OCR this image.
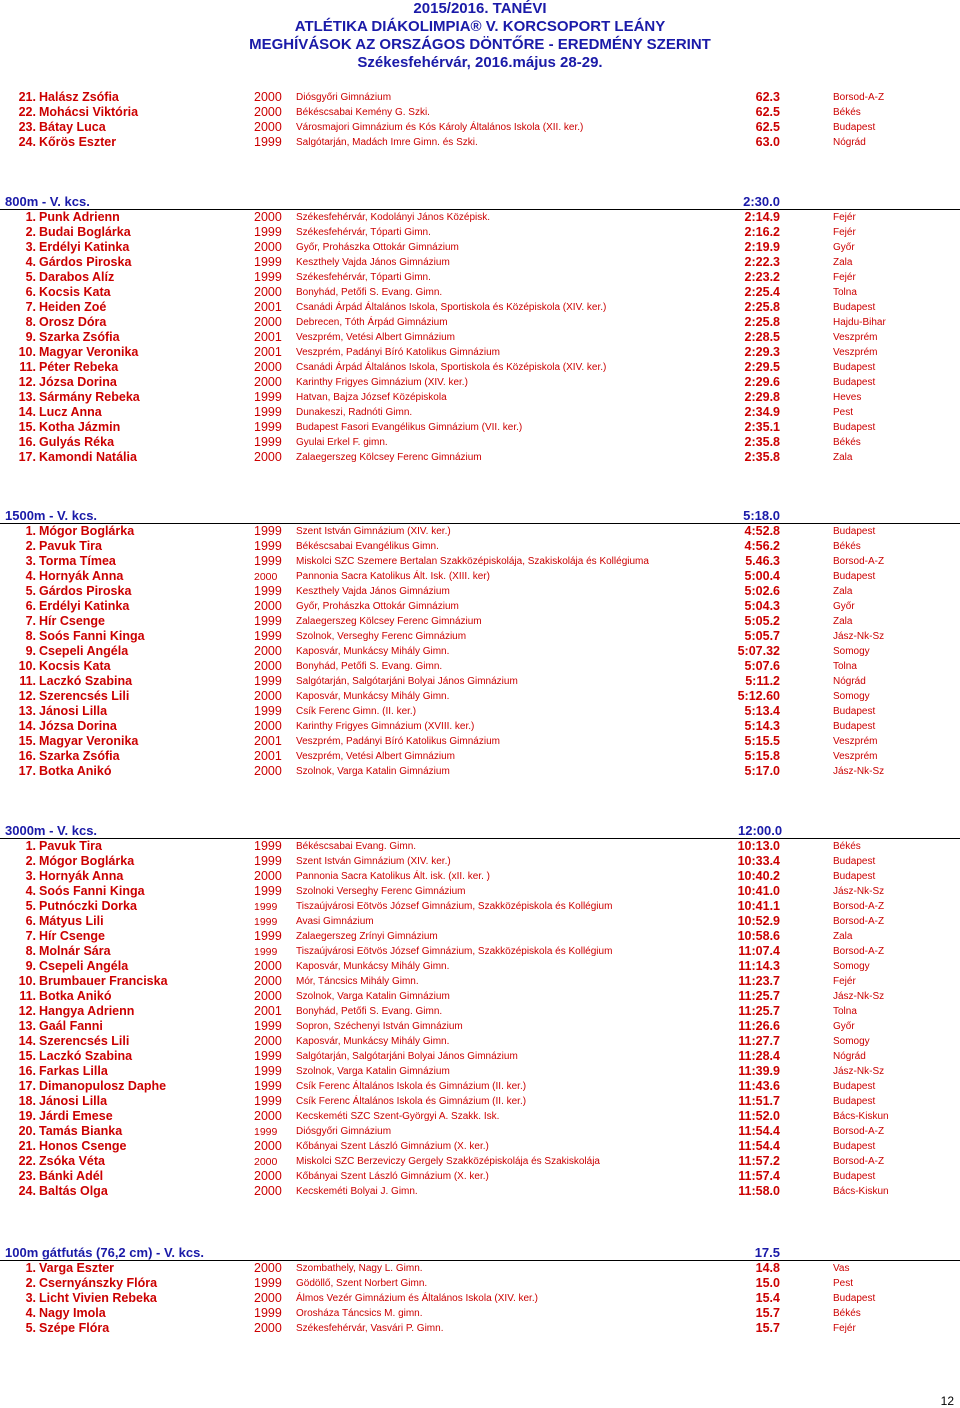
2015/2016. TANÉVI
ATLÉTIKA DIÁKOLIMPIA® V. KORCSOPORT LEÁNY
MEGHÍVÁSOK AZ ORSZÁGOS DÖNTŐRE - EREDMÉNY SZERINT
Székesfehérvár, 2016.május 28-29.
21. Halász Zsófia	2000 Diósgyőri Gimnázium	62.3	Borsod-A-Z
22. Mohácsi Viktória	2000 Békéscsabai Kemény G. Szki.	62.5	Békés
23. Bátay Luca	2000 Városmajori Gimnázium és Kós Károly Általános Iskola (XII. ker.)	62.5	Budapest
24. Kőrös Eszter	1999 Salgótarján, Madách Imre Gimn. és Szki.	63.0	Nógrád
800m - V. kcs.	2:30.0
1. Punk Adrienn	2000 Székesfehérvár, Kodolányi János Középisk.	2:14.9	Fejér
2. Budai Boglárka	1999 Székesfehérvár, Tóparti Gimn.	2:16.2	Fejér
3. Erdélyi Katinka	2000 Győr, Prohászka Ottokár Gimnázium	2:19.9	Győr
4. Gárdos Piroska	1999 Keszthely Vajda János Gimnázium	2:22.3	Zala
5. Darabos Alíz	1999 Székesfehérvár, Tóparti Gimn.	2:23.2	Fejér
6. Kocsis Kata	2000 Bonyhád, Petőfi S. Evang. Gimn.	2:25.4	Tolna
7. Heiden Zoé	2001 Csanádi Árpád Általános Iskola, Sportiskola és Középiskola (XIV. ker.)	2:25.8	Budapest
8. Orosz Dóra	2000 Debrecen, Tóth Árpád Gimnázium	2:25.8	Hajdu-Bihar
9. Szarka Zsófia	2001 Veszprém, Vetési Albert Gimnázium	2:28.5	Veszprém
10. Magyar Veronika	2001 Veszprém, Padányi Bíró Katolikus Gimnázium	2:29.3	Veszprém
11. Péter Rebeka	2000 Csanádi Árpád Általános Iskola, Sportiskola és Középiskola (XIV. ker.)	2:29.5	Budapest
12. Józsa Dorina	2000 Karinthy Frigyes Gimnázium (XIV. ker.)	2:29.6	Budapest
13. Sármány Rebeka	1999 Hatvan, Bajza József Középiskola	2:29.8	Heves
14. Lucz Anna	1999 Dunakeszi, Radnóti Gimn.	2:34.9	Pest
15. Kotha Jázmin	1999 Budapest Fasori Evangélikus Gimnázium (VII. ker.)	2:35.1	Budapest
16. Gulyás Réka	1999 Gyulai Erkel F. gimn.	2:35.8	Békés
17. Kamondi Natália	2000 Zalaegerszeg Kölcsey Ferenc Gimnázium	2:35.8	Zala
1500m - V. kcs.	5:18.0
1. Mógor Boglárka	1999 Szent István Gimnázium (XIV. ker.)	4:52.8	Budapest
2. Pavuk Tira	1999 Békéscsabai Evangélikus Gimn.	4:56.2	Békés
3. Torma Tímea	1999 Miskolci SZC Szemere Bertalan Szakközépiskolája, Szakiskolája és Kollégiuma	5.46.3	Borsod-A-Z
4. Hornyák Anna	2000 Pannonia Sacra Katolikus Ált. Isk. (XIII. ker)	5:00.4	Budapest
5. Gárdos Piroska	1999 Keszthely Vajda János Gimnázium	5:02.6	Zala
6. Erdélyi Katinka	2000 Győr, Prohászka Ottokár Gimnázium	5:04.3	Győr
7. Hír Csenge	1999 Zalaegerszeg Kölcsey Ferenc Gimnázium	5:05.2	Zala
8. Soós Fanni Kinga	1999 Szolnok, Verseghy Ferenc Gimnázium	5:05.7	Jász-Nk-Sz
9. Csepeli Angéla	2000 Kaposvár, Munkácsy Mihály Gimn.	5:07.32	Somogy
10. Kocsis Kata	2000 Bonyhád, Petőfi S. Evang. Gimn.	5:07.6	Tolna
11. Laczkó Szabina	1999 Salgótarján, Salgótarjáni Bolyai János Gimnázium	5:11.2	Nógrád
12. Szerencsés Lili	2000 Kaposvár, Munkácsy Mihály Gimn.	5:12.60	Somogy
13. Jánosi Lilla	1999 Csík Ferenc Gimn. (II. ker.)	5:13.4	Budapest
14. Józsa Dorina	2000 Karinthy Frigyes Gimnázium (XVIII. ker.)	5:14.3	Budapest
15. Magyar Veronika	2001 Veszprém, Padányi Bíró Katolikus Gimnázium	5:15.5	Veszprém
16. Szarka Zsófia	2001 Veszprém, Vetési Albert Gimnázium	5:15.8	Veszprém
17. Botka Anikó	2000 Szolnok, Varga Katalin Gimnázium	5:17.0	Jász-Nk-Sz
3000m - V. kcs.	12:00.0
1. Pavuk Tira	1999 Békéscsabai Evang. Gimn.	10:13.0	Békés
2. Mógor Boglárka	1999 Szent István Gimnázium (XIV. ker.)	10:33.4	Budapest
3. Hornyák Anna	2000 Pannonia Sacra Katolikus Ált. isk. (xII. ker. )	10:40.2	Budapest
4. Soós Fanni Kinga	1999 Szolnoki Verseghy Ferenc Gimnázium	10:41.0	Jász-Nk-Sz
5. Putnóczki Dorka	1999 Tiszaújvárosi Eötvös József Gimnázium, Szakközépiskola és Kollégium	10:41.1	Borsod-A-Z
6. Mátyus Lili	1999 Avasi Gimnázium	10:52.9	Borsod-A-Z
7. Hír Csenge	1999 Zalaegerszeg Zrínyi Gimnázium	10:58.6	Zala
8. Molnár Sára	1999 Tiszaújvárosi Eötvös József Gimnázium, Szakközépiskola és Kollégium	11:07.4	Borsod-A-Z
9. Csepeli Angéla	2000 Kaposvár, Munkácsy Mihály Gimn.	11:14.3	Somogy
10. Brumbauer Franciska	2000 Mór, Táncsics Mihály Gimn.	11:23.7	Fejér
11. Botka Anikó	2000 Szolnok, Varga Katalin Gimnázium	11:25.7	Jász-Nk-Sz
12. Hangya Adrienn	2001 Bonyhád, Petőfi S. Evang. Gimn.	11:25.7	Tolna
13. Gaál Fanni	1999 Sopron, Széchenyi István Gimnázium	11:26.6	Győr
14. Szerencsés Lili	2000 Kaposvár, Munkácsy Mihály Gimn.	11:27.7	Somogy
15. Laczkó Szabina	1999 Salgótarján, Salgótarjáni Bolyai János Gimnázium	11:28.4	Nógrád
16. Farkas Lilla	1999 Szolnok, Varga Katalin Gimnázium	11:39.9	Jász-Nk-Sz
17. Dimanopulosz Daphe	1999 Csík Ferenc Általános Iskola és Gimnázium (II. ker.)	11:43.6	Budapest
18. Jánosi Lilla	1999 Csík Ferenc Általános Iskola és Gimnázium (II. ker.)	11:51.7	Budapest
19. Járdi Emese	2000 Kecskeméti SZC Szent-Györgyi A. Szakk. Isk.	11:52.0	Bács-Kiskun
20. Tamás Bianka	1999 Diósgyőri Gimnázium	11:54.4	Borsod-A-Z
21. Honos Csenge	2000 Kőbányai Szent László Gimnázium (X. ker.)	11:54.4	Budapest
22. Zsóka Véta	2000 Miskolci SZC Berzeviczy Gergely Szakközépiskolája és Szakiskolája	11:57.2	Borsod-A-Z
23. Bánki Adél	2000 Kőbányai Szent László Gimnázium (X. ker.)	11:57.4	Budapest
24. Baltás Olga	2000 Kecskeméti Bolyai J. Gimn.	11:58.0	Bács-Kiskun
100m gátfutás (76,2 cm) - V. kcs.	17.5
1. Varga Eszter	2000 Szombathely, Nagy L. Gimn.	14.8	Vas
2. Csernyánszky Flóra	1999 Gödöllő, Szent Norbert Gimn.	15.0	Pest
3. Licht Vivien Rebeka	2000 Álmos Vezér Gimnázium és Általános Iskola (XIV. ker.)	15.4	Budapest
4. Nagy Imola	1999 Orosháza Táncsics M. gimn.	15.7	Békés
5. Szépe Flóra	2000 Székesfehérvár, Vasvári P. Gimn.	15.7	Fejér
12
